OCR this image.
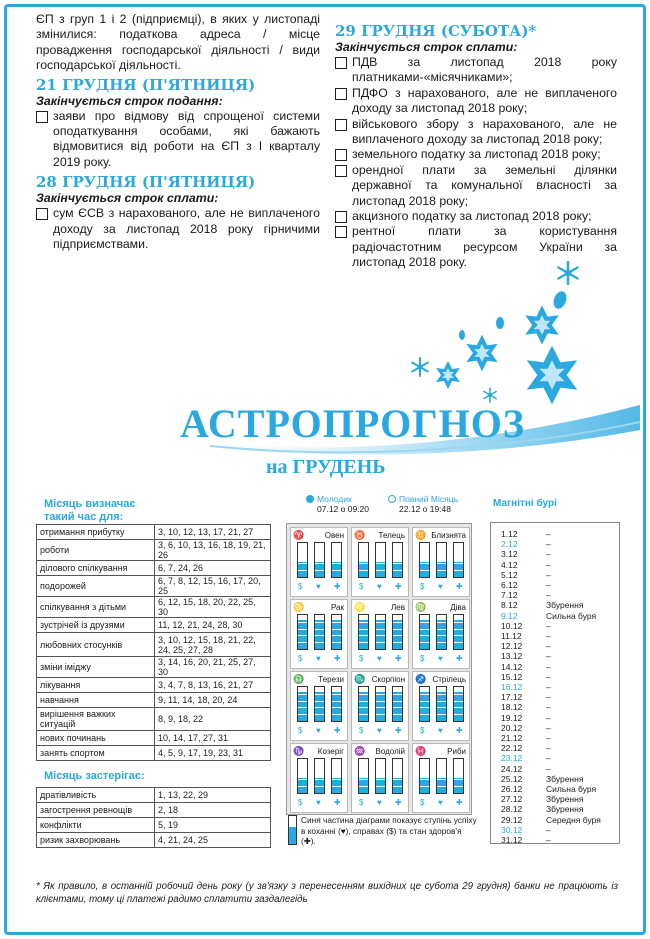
ЄП з груп 1 і 2 (підприємці), в яких у листопаді змінилися: податкова адреса / місце провадження господарської діяльності / види господарської діяльності.

21 ГРУДНЯ (П'ЯТНИЦЯ)
Закінчується строк подання:
заяви про відмову від спрощеної системи оподаткування особами, які бажають відмовитися від роботи на ЄП з І кварталу 2019 року.
28 ГРУДНЯ (П'ЯТНИЦЯ)
Закінчується строк сплати:
сум ЄСВ з нарахованого, але не виплаченого доходу за листопад 2018 року гірничими підприємствами.
29 ГРУДНЯ (СУБОТА)*
Закінчується строк сплати:
ПДВ за листопад 2018 року платниками-«місячниками»;
ПДФО з нарахованого, але не виплаченого доходу за листопад 2018 року;
військового збору з нарахованого, але не виплаченого доходу за листопад 2018 року;
земельного податку за листопад 2018 року;
орендної плати за земельні ділянки державної та комунальної власності за листопад 2018 року;
акцизного податку за листопад 2018 року;
рентної плати за користування радіочастотним ресурсом України за листопад 2018 року.
АСТРОПРОГНОЗ
на ГРУДЕНЬ
Місяць визначає
такий час для:
отримання прибутку	3, 10, 12, 13, 17, 21, 27
роботи	3, 6, 10, 13, 16, 18, 19, 21, 26
ділового спілкування	6, 7, 24, 26
подорожей	6, 7, 8, 12, 15, 16, 17, 20, 25
спілкування з дітьми	6, 12, 15, 18, 20, 22, 25, 30
зустрічей із друзями	11, 12, 21, 24, 28, 30
любовних стосунків	3, 10, 12, 15, 18, 21, 22, 24, 25, 27, 28
зміни іміджу	3, 14, 16, 20, 21, 25, 27, 30
лікування	3, 4, 7, 8, 13, 16, 21, 27
навчання	9, 11, 14, 18, 20, 24
вирішення важких ситуацій	8, 9, 18, 22
нових починань	10, 14, 17, 27, 31
занять спортом	4, 5, 9, 17, 19, 23, 31
Місяць застерігає:
дратівливість	1, 13, 22, 29
загострення ревнощів	2, 18
конфлікти	5, 19
ризик захворювань	4, 21, 24, 25
Молодик
07.12 о 09:20
Повний Місяць
22.12 о 19:48
♈	Овен
$ ♥ ✚
♉	Телець
$ ♥ ✚
♊ Близнята
$ ♥ ✚
♋	Рак
$ ♥ ✚
♌	Лев
$ ♥ ✚
♍	Діва
$ ♥ ✚
♎	Терези
$ ♥ ✚
♏ Скорпіон
$ ♥ ✚
♐ Стрілець
$ ♥ ✚
♑	Козеріг
$ ♥ ✚
♒	Водолій
$ ♥ ✚
♓	Риби
$ ♥ ✚
Синя частина діаграми показує ступінь успіху в коханні (♥), справах ($) та стан здоров'я (✚).
Магнітні бурі
1.12	–
2.12	–
3.12	–
4.12	–
5.12	–
6.12	–
7.12	–
8.12	Збурення
9.12	Сильна буря
10.12	–
11.12	–
12.12	–
13.12	–
14.12	–
15.12	–
16.12	–
17.12	–
18.12	–
19.12	–
20.12	–
21.12	–
22.12	–
23.12	–
24.12	–
25.12	Збурення
26.12	Сильна буря
27.12	Збурення
28.12	Збурення
29.12	Середня буря
30.12	–
31.12	–
* Як правило, в останній робочий день року (у зв'язку з перенесенням вихідних це субота 29 грудня) банки не працюють із клієнтами, тому ці платежі радимо сплатити заздалегідь
